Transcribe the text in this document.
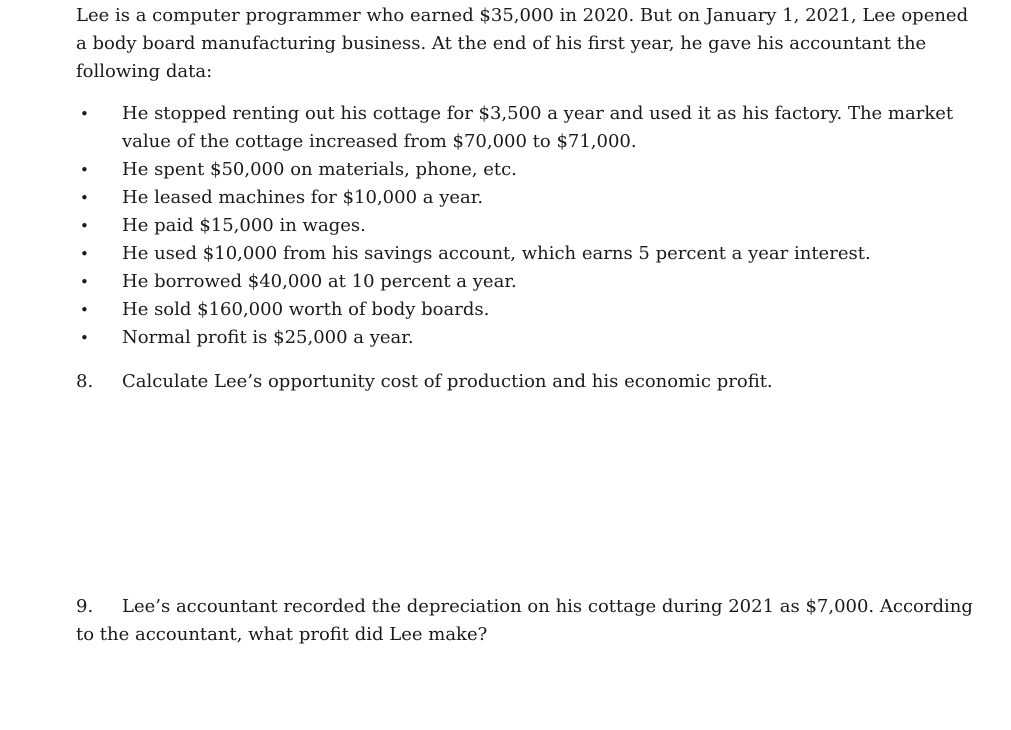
Lee is a computer programmer who earned $35,000 in 2020. But on January 1, 2021, Lee opened a body board manufacturing business. At the end of his first year, he gave his accountant the following data:

• He stopped renting out his cottage for $3,500 a year and used it as his factory. The market value of the cottage increased from $70,000 to $71,000.
• He spent $50,000 on materials, phone, etc.
• He leased machines for $10,000 a year.
• He paid $15,000 in wages.
• He used $10,000 from his savings account, which earns 5 percent a year interest.
• He borrowed $40,000 at 10 percent a year.
• He sold $160,000 worth of body boards.
• Normal profit is $25,000 a year.

8. Calculate Lee’s opportunity cost of production and his economic profit.

9. Lee’s accountant recorded the depreciation on his cottage during 2021 as $7,000. According to the accountant, what profit did Lee make?
